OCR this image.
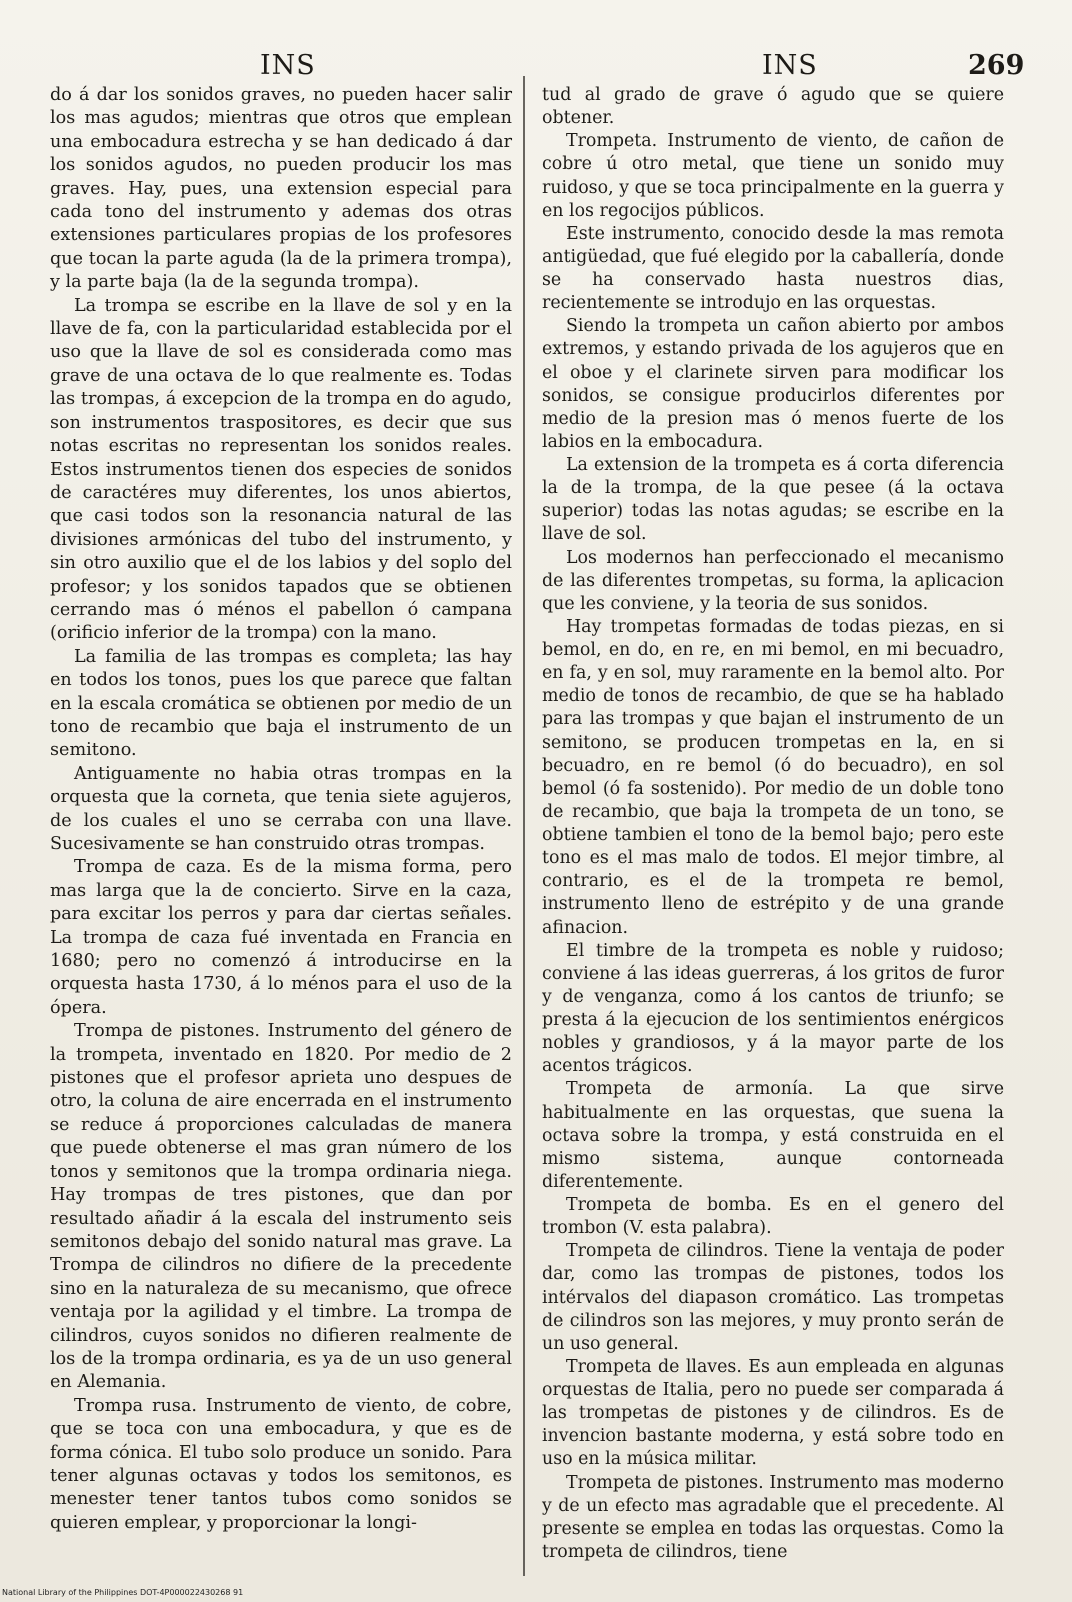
INS	INS	269

do á dar los sonidos graves, no pueden hacer salir los mas agudos; mientras que otros que emplean una embocadura estrecha y se han dedicado á dar los sonidos agudos, no pueden producir los mas graves. Hay, pues, una extension especial para cada tono del instrumento y ademas dos otras extensiones particulares propias de los profesores que tocan la parte aguda (la de la primera trompa), y la parte baja (la de la segunda trompa).

La trompa se escribe en la llave de sol y en la llave de fa, con la particularidad establecida por el uso que la llave de sol es considerada como mas grave de una octava de lo que realmente es. Todas las trompas, á excepcion de la trompa en do agudo, son instrumentos traspositores, es decir que sus notas escritas no representan los sonidos reales. Estos instrumentos tienen dos especies de sonidos de caractéres muy diferentes, los unos abiertos, que casi todos son la resonancia natural de las divisiones armónicas del tubo del instrumento, y sin otro auxilio que el de los labios y del soplo del profesor; y los sonidos tapados que se obtienen cerrando mas ó ménos el pabellon ó campana (orificio inferior de la trompa) con la mano.

La familia de las trompas es completa; las hay en todos los tonos, pues los que parece que faltan en la escala cromática se obtienen por medio de un tono de recambio que baja el instrumento de un semitono.

Antiguamente no habia otras trompas en la orquesta que la corneta, que tenia siete agujeros, de los cuales el uno se cerraba con una llave. Sucesivamente se han construido otras trompas.

Trompa de caza. Es de la misma forma, pero mas larga que la de concierto. Sirve en la caza, para excitar los perros y para dar ciertas señales. La trompa de caza fué inventada en Francia en 1680; pero no comenzó á introducirse en la orquesta hasta 1730, á lo ménos para el uso de la ópera.

Trompa de pistones. Instrumento del género de la trompeta, inventado en 1820. Por medio de 2 pistones que el profesor aprieta uno despues de otro, la coluna de aire encerrada en el instrumento se reduce á proporciones calculadas de manera que puede obtenerse el mas gran número de los tonos y semitonos que la trompa ordinaria niega. Hay trompas de tres pistones, que dan por resultado añadir á la escala del instrumento seis semitonos debajo del sonido natural mas grave. La Trompa de cilindros no difiere de la precedente sino en la naturaleza de su mecanismo, que ofrece ventaja por la agilidad y el timbre. La trompa de cilindros, cuyos sonidos no difieren realmente de los de la trompa ordinaria, es ya de un uso general en Alemania.

Trompa rusa. Instrumento de viento, de cobre, que se toca con una embocadura, y que es de forma cónica. El tubo solo produce un sonido. Para tener algunas octavas y todos los semitonos, es menester tener tantos tubos como sonidos se quieren emplear, y proporcionar la longi-

tud al grado de grave ó agudo que se quiere obtener.

Trompeta. Instrumento de viento, de cañon de cobre ú otro metal, que tiene un sonido muy ruidoso, y que se toca principalmente en la guerra y en los regocijos públicos.

Este instrumento, conocido desde la mas remota antigüedad, que fué elegido por la caballería, donde se ha conservado hasta nuestros dias, recientemente se introdujo en las orquestas.

Siendo la trompeta un cañon abierto por ambos extremos, y estando privada de los agujeros que en el oboe y el clarinete sirven para modificar los sonidos, se consigue producirlos diferentes por medio de la presion mas ó menos fuerte de los labios en la embocadura.

La extension de la trompeta es á corta diferencia la de la trompa, de la que pesee (á la octava superior) todas las notas agudas; se escribe en la llave de sol.

Los modernos han perfeccionado el mecanismo de las diferentes trompetas, su forma, la aplicacion que les conviene, y la teoria de sus sonidos.

Hay trompetas formadas de todas piezas, en si bemol, en do, en re, en mi bemol, en mi becuadro, en fa, y en sol, muy raramente en la bemol alto. Por medio de tonos de recambio, de que se ha hablado para las trompas y que bajan el instrumento de un semitono, se producen trompetas en la, en si becuadro, en re bemol (ó do becuadro), en sol bemol (ó fa sostenido). Por medio de un doble tono de recambio, que baja la trompeta de un tono, se obtiene tambien el tono de la bemol bajo; pero este tono es el mas malo de todos. El mejor timbre, al contrario, es el de la trompeta re bemol, instrumento lleno de estrépito y de una grande afinacion.

El timbre de la trompeta es noble y ruidoso; conviene á las ideas guerreras, á los gritos de furor y de venganza, como á los cantos de triunfo; se presta á la ejecucion de los sentimientos enérgicos nobles y grandiosos, y á la mayor parte de los acentos trágicos.

Trompeta de armonía. La que sirve habitualmente en las orquestas, que suena la octava sobre la trompa, y está construida en el mismo sistema, aunque contorneada diferentemente.

Trompeta de bomba. Es en el genero del trombon (V. esta palabra).

Trompeta de cilindros. Tiene la ventaja de poder dar, como las trompas de pistones, todos los intérvalos del diapason cromático. Las trompetas de cilindros son las mejores, y muy pronto serán de un uso general.

Trompeta de llaves. Es aun empleada en algunas orquestas de Italia, pero no puede ser comparada á las trompetas de pistones y de cilindros. Es de invencion bastante moderna, y está sobre todo en uso en la música militar.

Trompeta de pistones. Instrumento mas moderno y de un efecto mas agradable que el precedente. Al presente se emplea en todas las orquestas. Como la trompeta de cilindros, tiene

National Library of the Philippines DOT-4P000022430268 91
